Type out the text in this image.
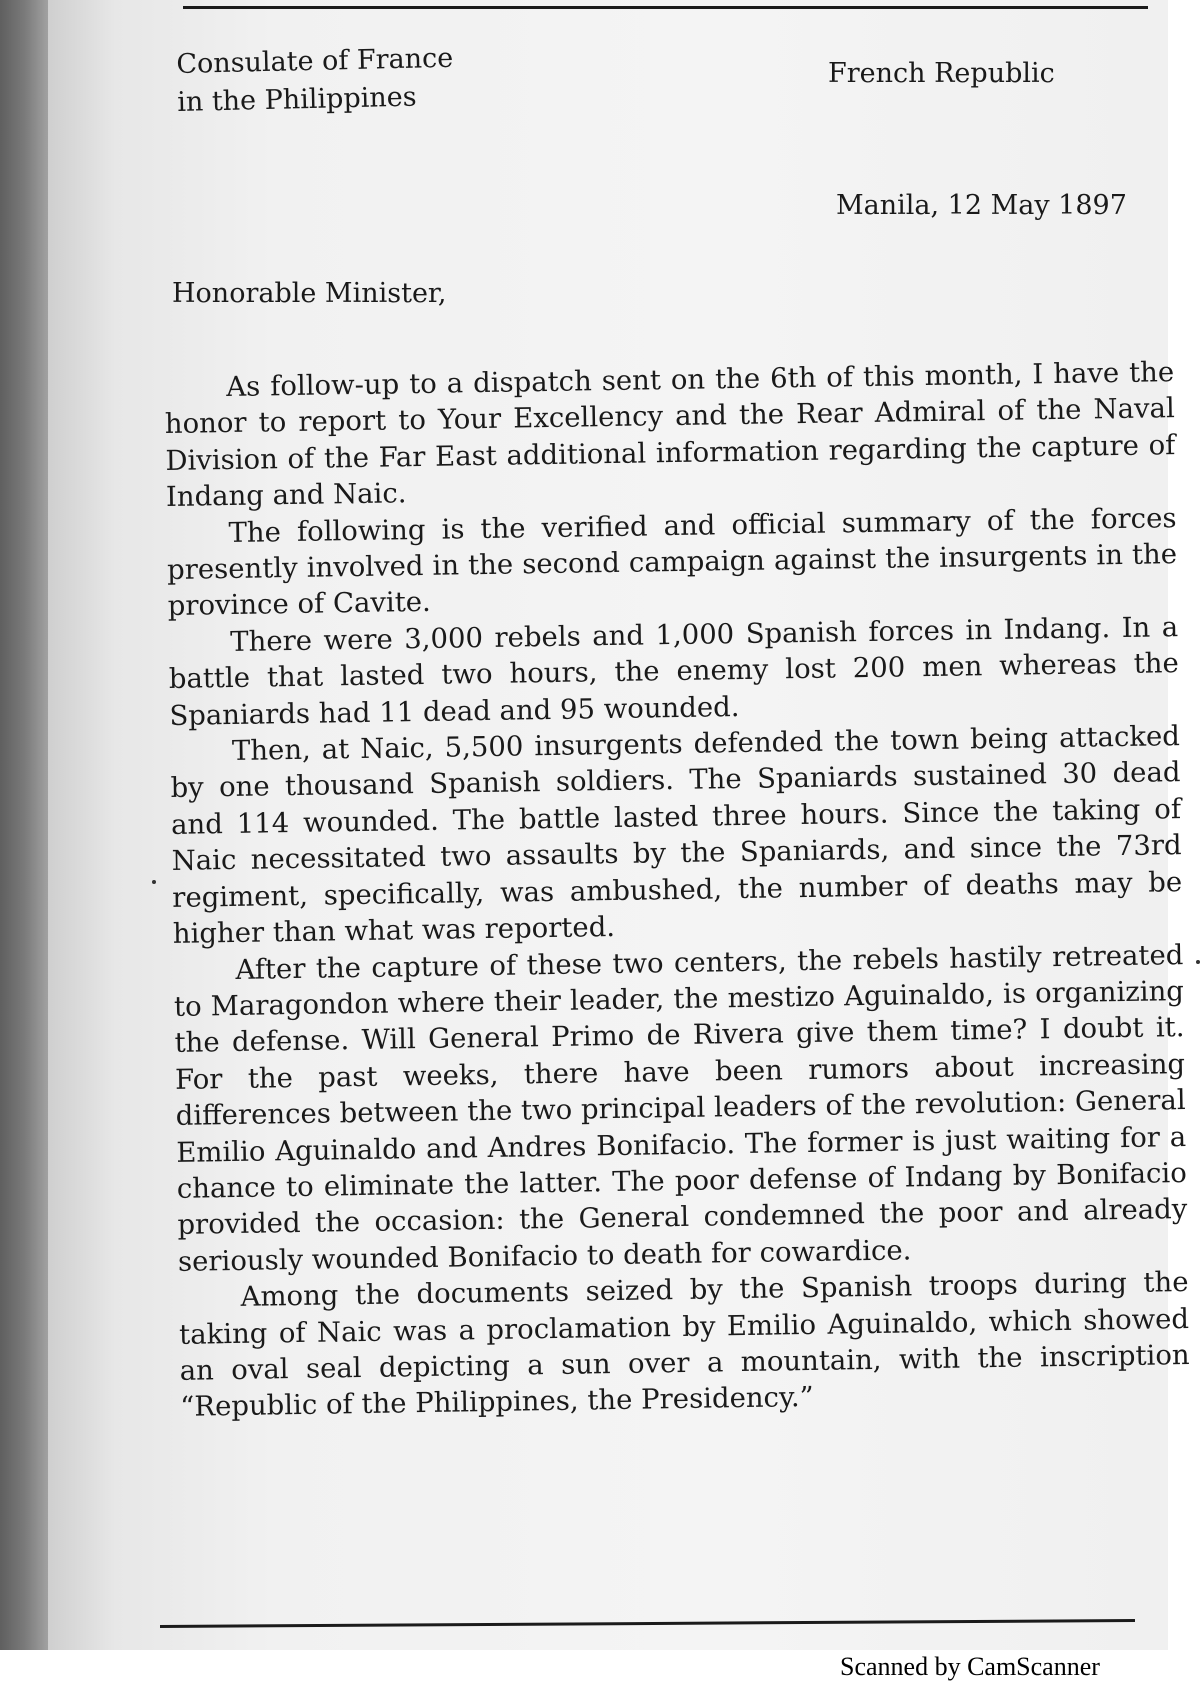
Consulate of France
in the Philippines
French Republic
Manila, 12 May 1897
Honorable Minister,

As follow-up to a dispatch sent on the 6th of this month, I have the honor to report to Your Excellency and the Rear Admiral of the Naval Division of the Far East additional information regarding the capture of Indang and Naic.

The following is the verified and official summary of the forces presently involved in the second campaign against the insurgents in the province of Cavite.

There were 3,000 rebels and 1,000 Spanish forces in Indang. In a battle that lasted two hours, the enemy lost 200 men whereas the Spaniards had 11 dead and 95 wounded.

Then, at Naic, 5,500 insurgents defended the town being attacked by one thousand Spanish soldiers. The Spaniards sustained 30 dead and 114 wounded. The battle lasted three hours. Since the taking of Naic necessitated two assaults by the Spaniards, and since the 73rd regiment, specifically, was ambushed, the number of deaths may be higher than what was reported.

After the capture of these two centers, the rebels hastily retreated to Maragondon where their leader, the mestizo Aguinaldo, is organizing the defense. Will General Primo de Rivera give them time? I doubt it. For the past weeks, there have been rumors about increasing differences between the two principal leaders of the revolution: General Emilio Aguinaldo and Andres Bonifacio. The former is just waiting for a chance to eliminate the latter. The poor defense of Indang by Bonifacio provided the occasion: the General condemned the poor and already seriously wounded Bonifacio to death for cowardice.

Among the documents seized by the Spanish troops during the taking of Naic was a proclamation by Emilio Aguinaldo, which showed an oval seal depicting a sun over a mountain, with the inscription “Republic of the Philippines, the Presidency.”

Scanned by CamScanner
